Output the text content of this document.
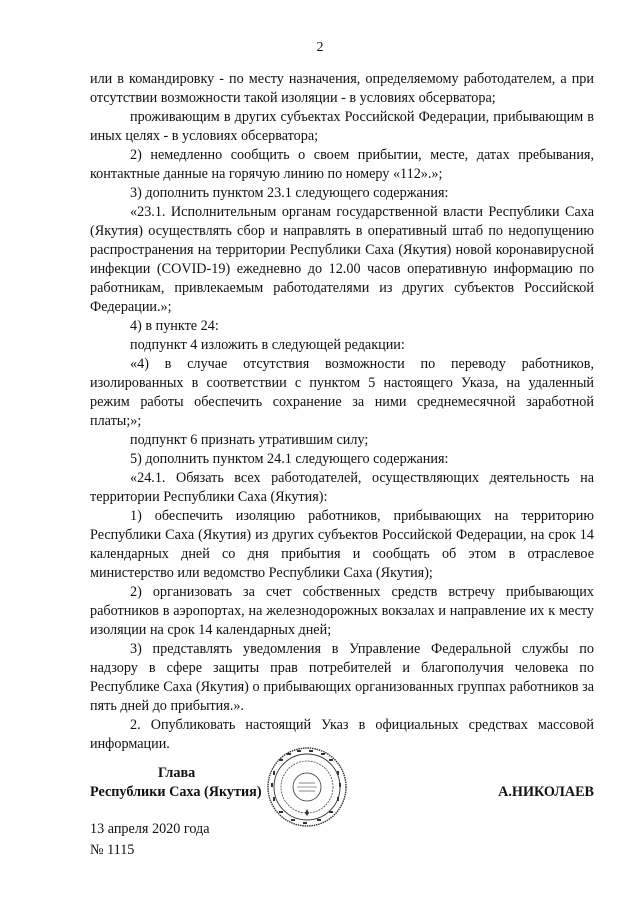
2

или в командировку - по месту назначения, определяемому работодателем, а при отсутствии возможности такой изоляции - в условиях обсерватора;

проживающим в других субъектах Российской Федерации, прибывающим в иных целях - в условиях обсерватора;

2) немедленно сообщить о своем прибытии, месте, датах пребывания, контактные данные на горячую линию по номеру «112».»;

3) дополнить пунктом 23.1 следующего содержания:

«23.1. Исполнительным органам государственной власти Республики Саха (Якутия) осуществлять сбор и направлять в оперативный штаб по недопущению распространения на территории Республики Саха (Якутия) новой коронавирусной инфекции (COVID-19) ежедневно до 12.00 часов оперативную информацию по работникам, привлекаемым работодателями из других субъектов Российской Федерации.»;

4) в пункте 24:

подпункт 4 изложить в следующей редакции:

«4) в случае отсутствия возможности по переводу работников, изолированных в соответствии с пунктом 5 настоящего Указа, на удаленный режим работы обеспечить сохранение за ними среднемесячной заработной платы;»;

подпункт 6 признать утратившим силу;

5) дополнить пунктом 24.1 следующего содержания:

«24.1. Обязать всех работодателей, осуществляющих деятельность на территории Республики Саха (Якутия):

1) обеспечить изоляцию работников, прибывающих на территорию Республики Саха (Якутия) из других субъектов Российской Федерации, на срок 14 календарных дней со дня прибытия и сообщать об этом в отраслевое министерство или ведомство Республики Саха (Якутия);

2) организовать за счет собственных средств встречу прибывающих работников в аэропортах, на железнодорожных вокзалах и направление их к месту изоляции на срок 14 календарных дней;

3) представлять уведомления в Управление Федеральной службы по надзору в сфере защиты прав потребителей и благополучия человека по Республике Саха (Якутия) о прибывающих организованных группах работников за пять дней до прибытия.».

2. Опубликовать настоящий Указ в официальных средствах массовой информации.

Глава
Республики Саха (Якутия)	А.НИКОЛАЕВ
13 апреля 2020 года
№ 1115
